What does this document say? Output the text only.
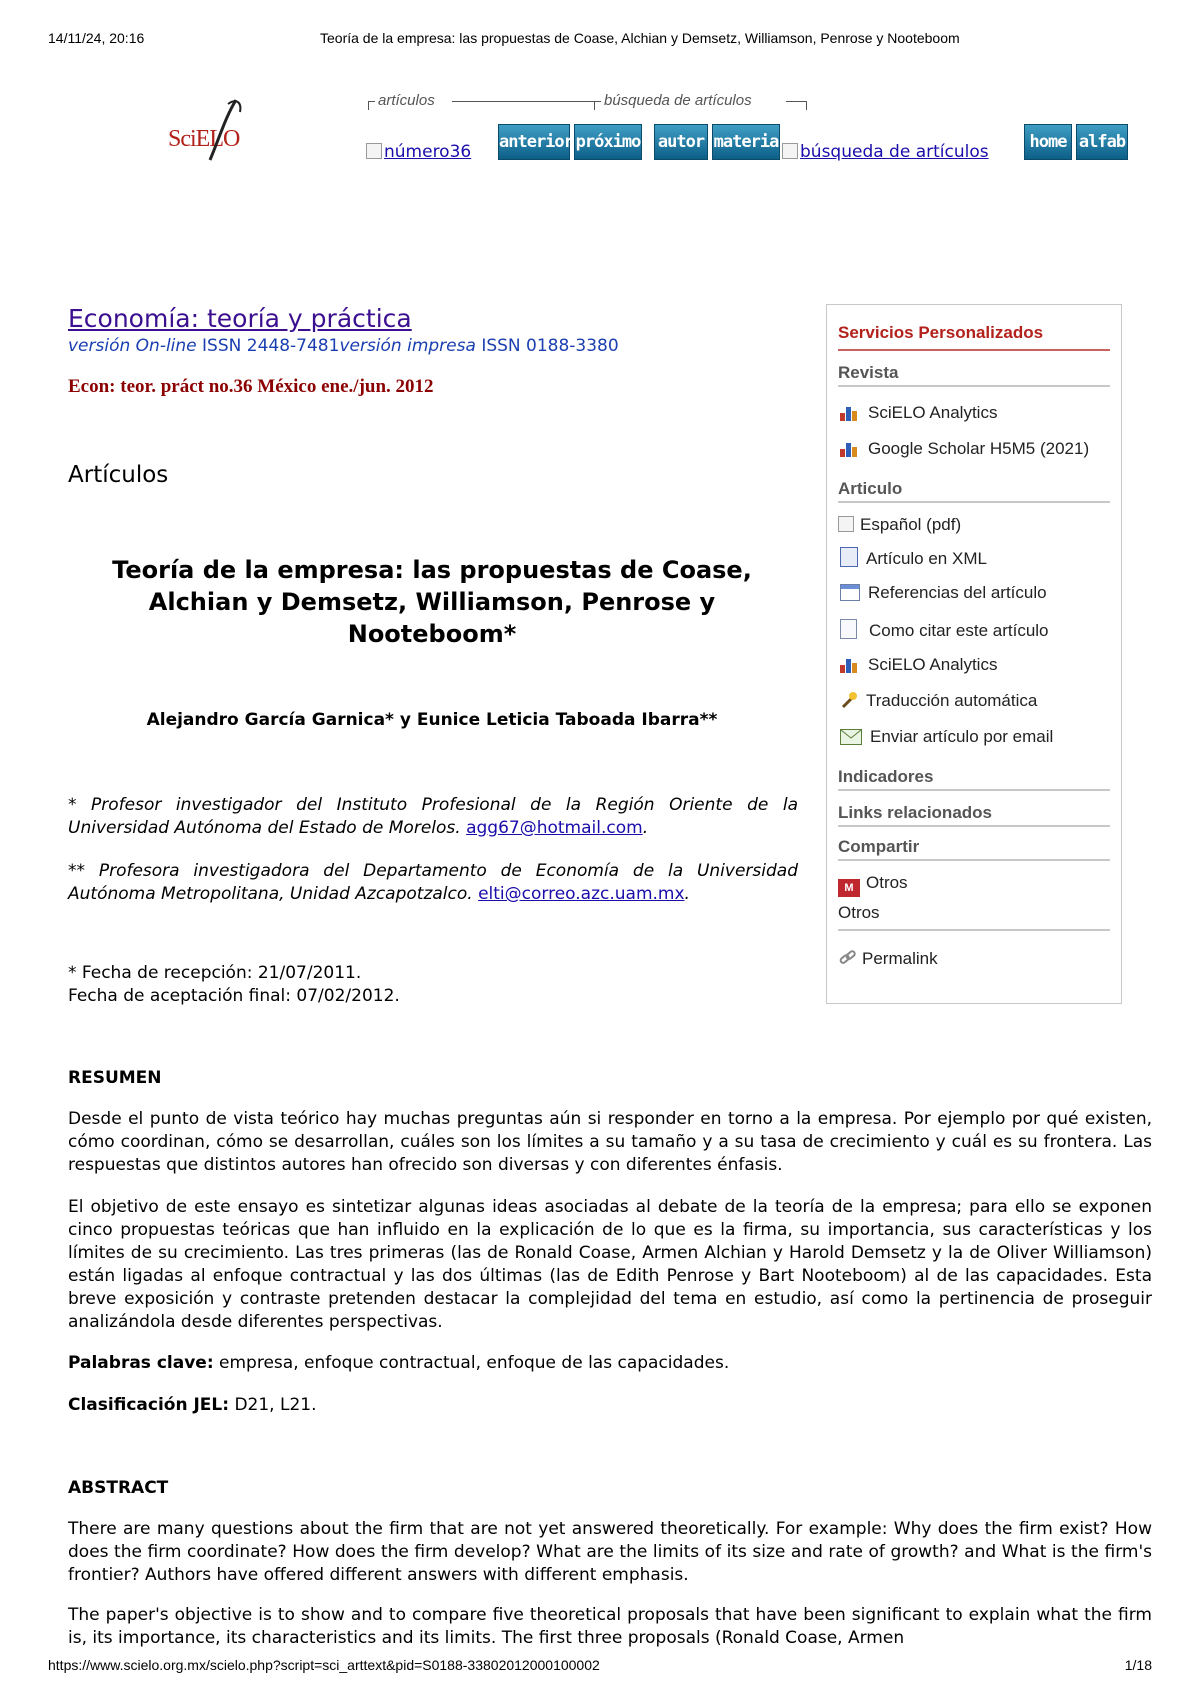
14/11/24, 20:16	Teoría de la empresa: las propuestas de Coase, Alchian y Demsetz, Williamson, Penrose y Nooteboom
SciELO
artículos	búsqueda de artículos
número36 anterior próximo autor materia	búsqueda de artículos	home alfab
Economía: teoría y práctica
versión On-line ISSN 2448-7481versión impresa ISSN 0188-3380
Econ: teor. práct no.36 México ene./jun. 2012
Artículos
Teoría de la empresa: las propuestas de Coase, Alchian y Demsetz, Williamson, Penrose y Nooteboom*
Alejandro García Garnica* y Eunice Leticia Taboada Ibarra**
* Profesor investigador del Instituto Profesional de la Región Oriente de la Universidad Autónoma del Estado de Morelos. agg67@hotmail.com.
** Profesora investigadora del Departamento de Economía de la Universidad Autónoma Metropolitana, Unidad Azcapotzalco. elti@correo.azc.uam.mx.
* Fecha de recepción: 21/07/2011.
Fecha de aceptación final: 07/02/2012.
RESUMEN
Desde el punto de vista teórico hay muchas preguntas aún si responder en torno a la empresa. Por ejemplo por qué existen, cómo coordinan, cómo se desarrollan, cuáles son los límites a su tamaño y a su tasa de crecimiento y cuál es su frontera. Las respuestas que distintos autores han ofrecido son diversas y con diferentes énfasis.
El objetivo de este ensayo es sintetizar algunas ideas asociadas al debate de la teoría de la empresa; para ello se exponen cinco propuestas teóricas que han influido en la explicación de lo que es la firma, su importancia, sus características y los límites de su crecimiento. Las tres primeras (las de Ronald Coase, Armen Alchian y Harold Demsetz y la de Oliver Williamson) están ligadas al enfoque contractual y las dos últimas (las de Edith Penrose y Bart Nooteboom) al de las capacidades. Esta breve exposición y contraste pretenden destacar la complejidad del tema en estudio, así como la pertinencia de proseguir analizándola desde diferentes perspectivas.
Palabras clave: empresa, enfoque contractual, enfoque de las capacidades.
Clasificación JEL: D21, L21.
ABSTRACT
There are many questions about the firm that are not yet answered theoretically. For example: Why does the firm exist? How does the firm coordinate? How does the firm develop? What are the limits of its size and rate of growth? and What is the firm's frontier? Authors have offered different answers with different emphasis.
The paper's objective is to show and to compare five theoretical proposals that have been significant to explain what the firm is, its importance, its characteristics and its limits. The first three proposals (Ronald Coase, Armen
Servicios Personalizados
Revista
SciELO Analytics
Google Scholar H5M5 (2021)
Articulo
Español (pdf)
Artículo en XML
Referencias del artículo
Como citar este artículo
SciELO Analytics
Traducción automática
Enviar artículo por email
Indicadores
Links relacionados
Compartir
M Otros
Otros
Permalink
https://www.scielo.org.mx/scielo.php?script=sci_arttext&pid=S0188-33802012000100002	1/18
